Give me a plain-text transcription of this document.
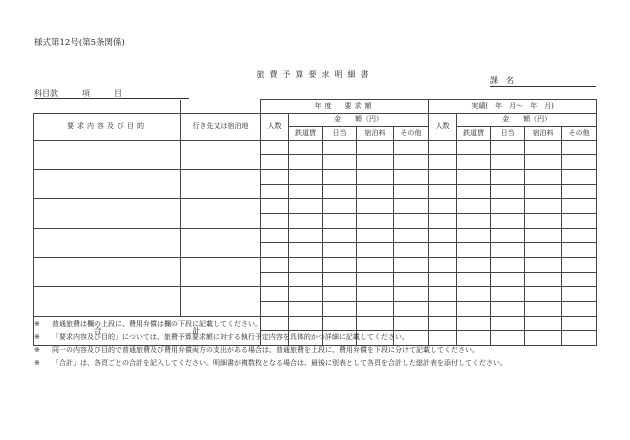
様式第12号(第5条関係)
旅費予算要求明細書
課　名
科目款　　　項　　　目
		年度　要求額					実績(　年　月〜　年　月)				
要求内容及び目的	行き先又は宿泊地	人数	金　　額（円）				人数	金　　額（円）			
			鉄道賃	日当	宿泊料	その他		鉄道賃	日当	宿泊料	その他

合 計											

※	普通旅費は欄の上段に、費用弁償は欄の下段に記載してください。
※	「要求内容及び目的」については、旅費予算要求額に対する執行予定内容を具体的かつ詳細に記載してください。
※	同一の内容及び目的で普通旅費及び費用弁償両方の支出がある場合は、普通旅費を上段に、費用弁償を下段に分けて記載してください。
※	「合計」は、各頁ごとの合計を記入してください。明細書が複数枚となる場合は、最後に別表として各頁を合計した総計表を添付してください。
